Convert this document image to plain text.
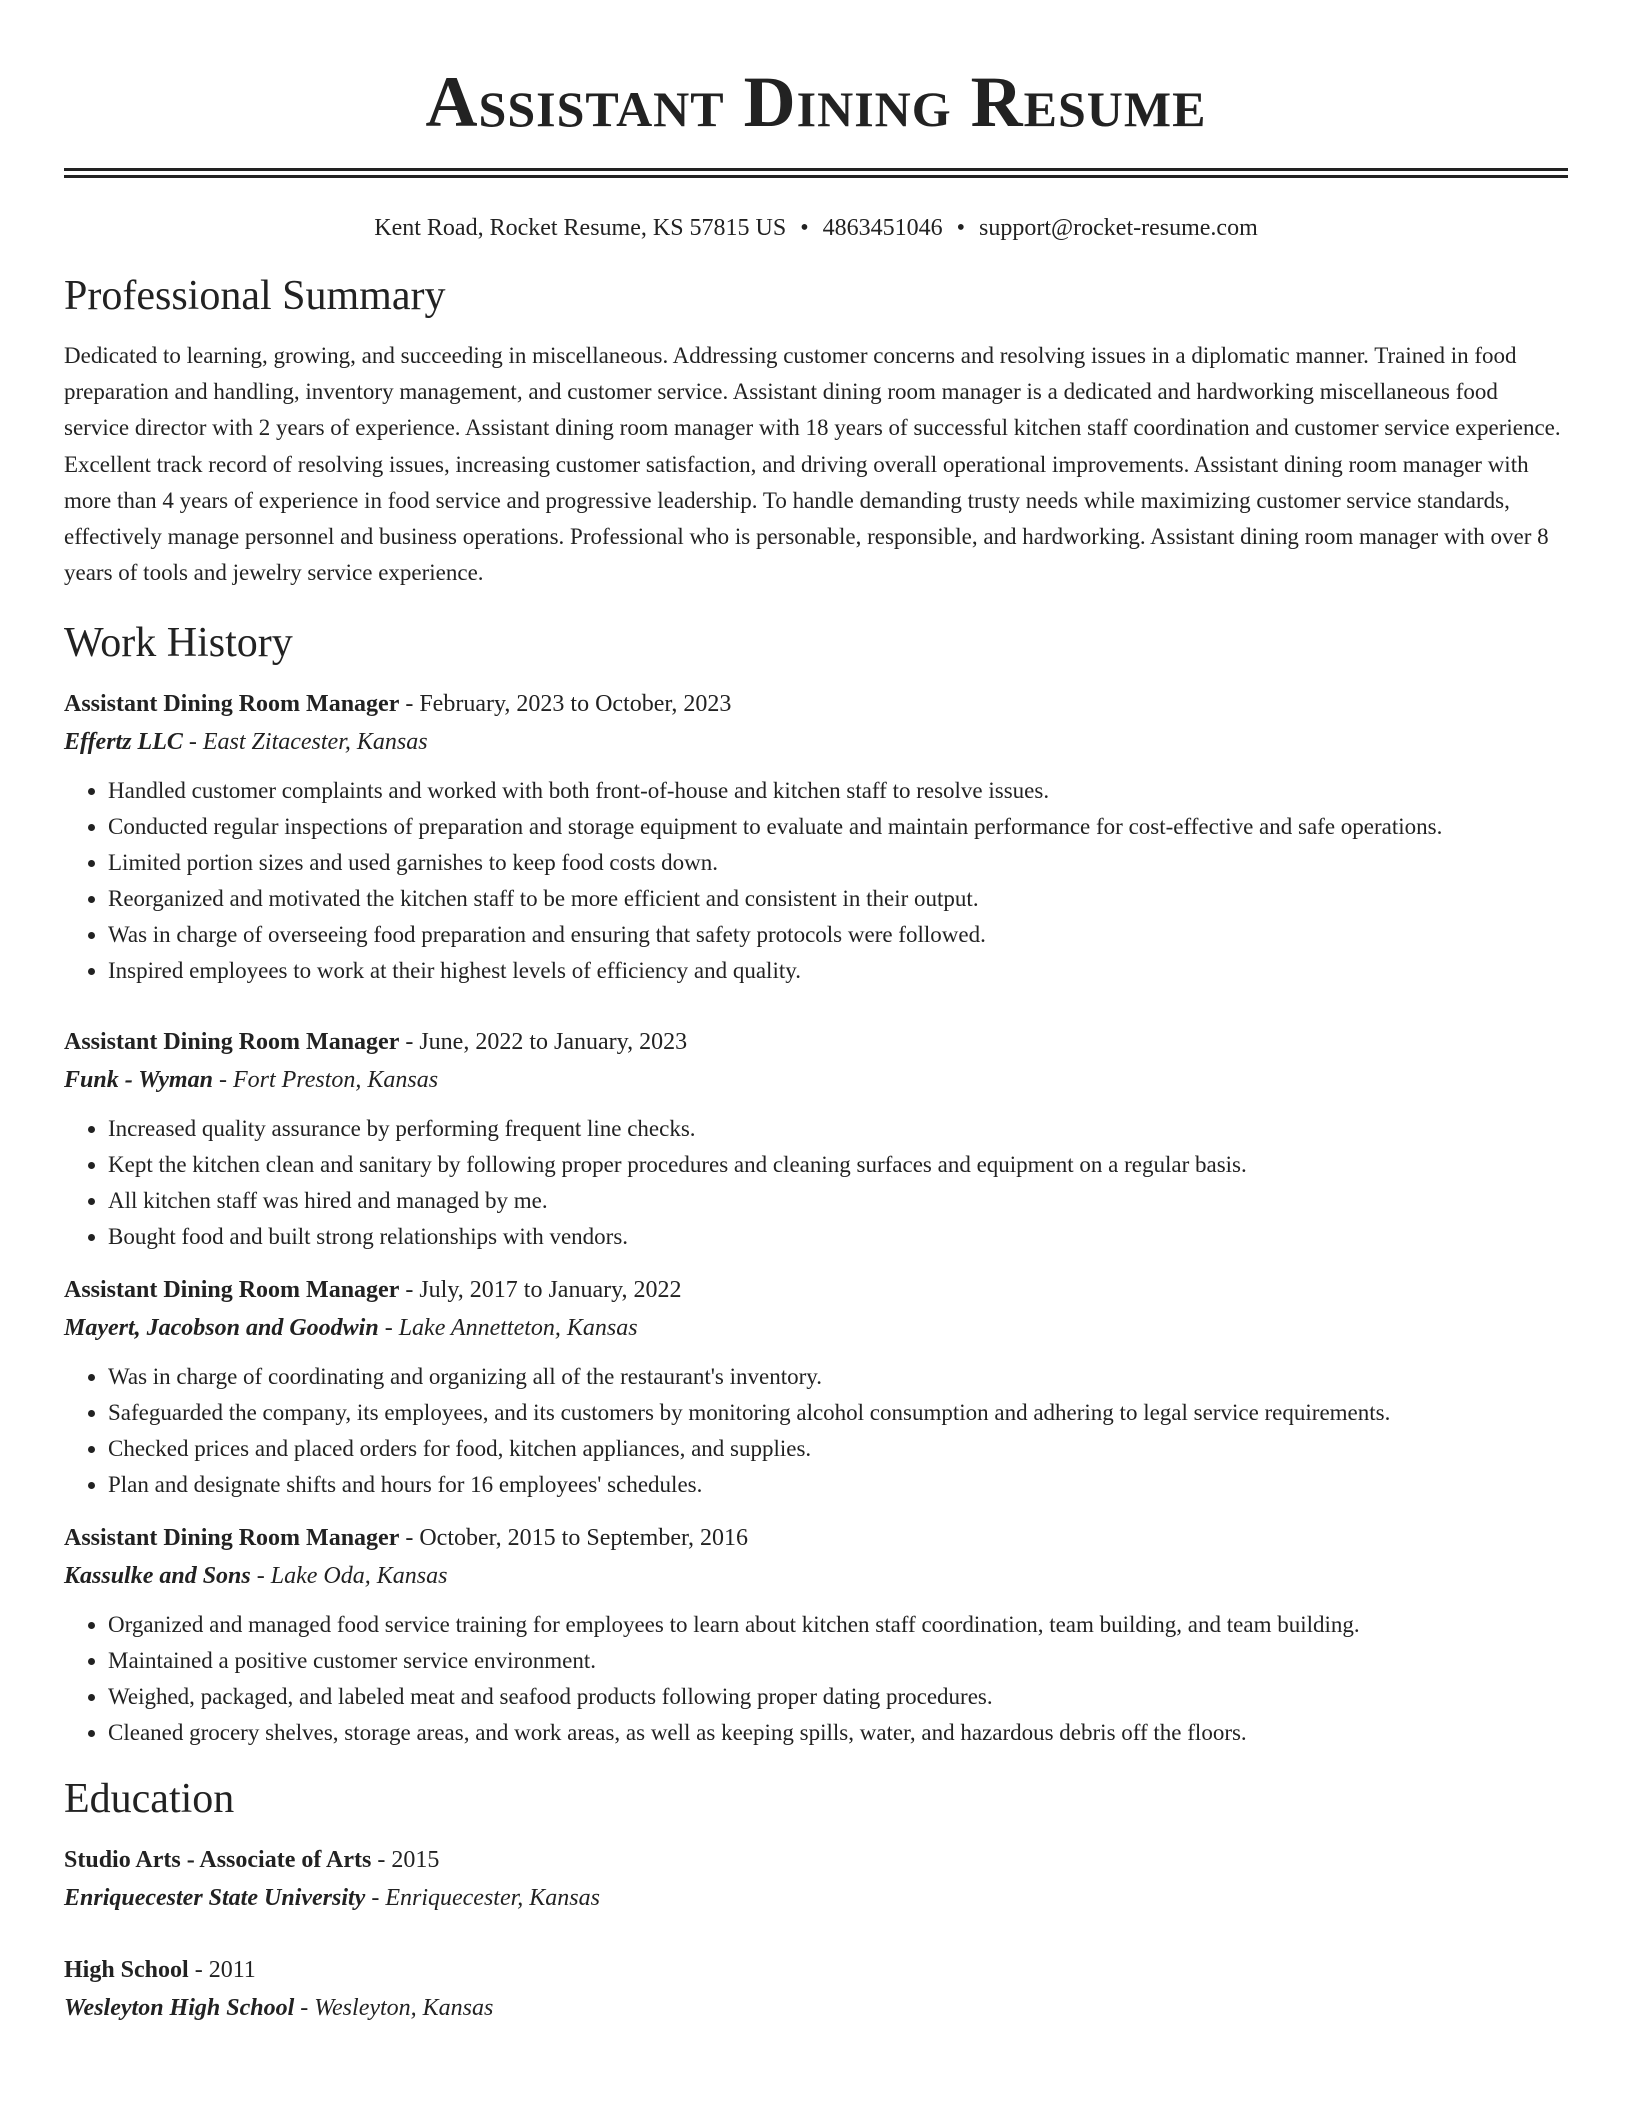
Assistant Dining Resume
Kent Road, Rocket Resume, KS 57815 US • 4863451046 • support@rocket-resume.com
Professional Summary

Dedicated to learning, growing, and succeeding in miscellaneous. Addressing customer concerns and resolving issues in a diplomatic manner. Trained in food preparation and handling, inventory management, and customer service. Assistant dining room manager is a dedicated and hardworking miscellaneous food service director with 2 years of experience. Assistant dining room manager with 18 years of successful kitchen staff coordination and customer service experience. Excellent track record of resolving issues, increasing customer satisfaction, and driving overall operational improvements. Assistant dining room manager with more than 4 years of experience in food service and progressive leadership. To handle demanding trusty needs while maximizing customer service standards, effectively manage personnel and business operations. Professional who is personable, responsible, and hardworking. Assistant dining room manager with over 8 years of tools and jewelry service experience.

Work History
Assistant Dining Room Manager - February, 2023 to October, 2023
Effertz LLC - East Zitacester, Kansas
• Handled customer complaints and worked with both front-of-house and kitchen staff to resolve issues.
• Conducted regular inspections of preparation and storage equipment to evaluate and maintain performance for cost-effective and safe operations.
• Limited portion sizes and used garnishes to keep food costs down.
• Reorganized and motivated the kitchen staff to be more efficient and consistent in their output.
• Was in charge of overseeing food preparation and ensuring that safety protocols were followed.
• Inspired employees to work at their highest levels of efficiency and quality.
Assistant Dining Room Manager - June, 2022 to January, 2023
Funk - Wyman - Fort Preston, Kansas
• Increased quality assurance by performing frequent line checks.
• Kept the kitchen clean and sanitary by following proper procedures and cleaning surfaces and equipment on a regular basis.
• All kitchen staff was hired and managed by me.
• Bought food and built strong relationships with vendors.
Assistant Dining Room Manager - July, 2017 to January, 2022
Mayert, Jacobson and Goodwin - Lake Annetteton, Kansas
• Was in charge of coordinating and organizing all of the restaurant's inventory.
• Safeguarded the company, its employees, and its customers by monitoring alcohol consumption and adhering to legal service requirements.
• Checked prices and placed orders for food, kitchen appliances, and supplies.
• Plan and designate shifts and hours for 16 employees' schedules.
Assistant Dining Room Manager - October, 2015 to September, 2016
Kassulke and Sons - Lake Oda, Kansas
• Organized and managed food service training for employees to learn about kitchen staff coordination, team building, and team building.
• Maintained a positive customer service environment.
• Weighed, packaged, and labeled meat and seafood products following proper dating procedures.
• Cleaned grocery shelves, storage areas, and work areas, as well as keeping spills, water, and hazardous debris off the floors.
Education
Studio Arts - Associate of Arts - 2015
Enriquecester State University - Enriquecester, Kansas
High School - 2011
Wesleyton High School - Wesleyton, Kansas
